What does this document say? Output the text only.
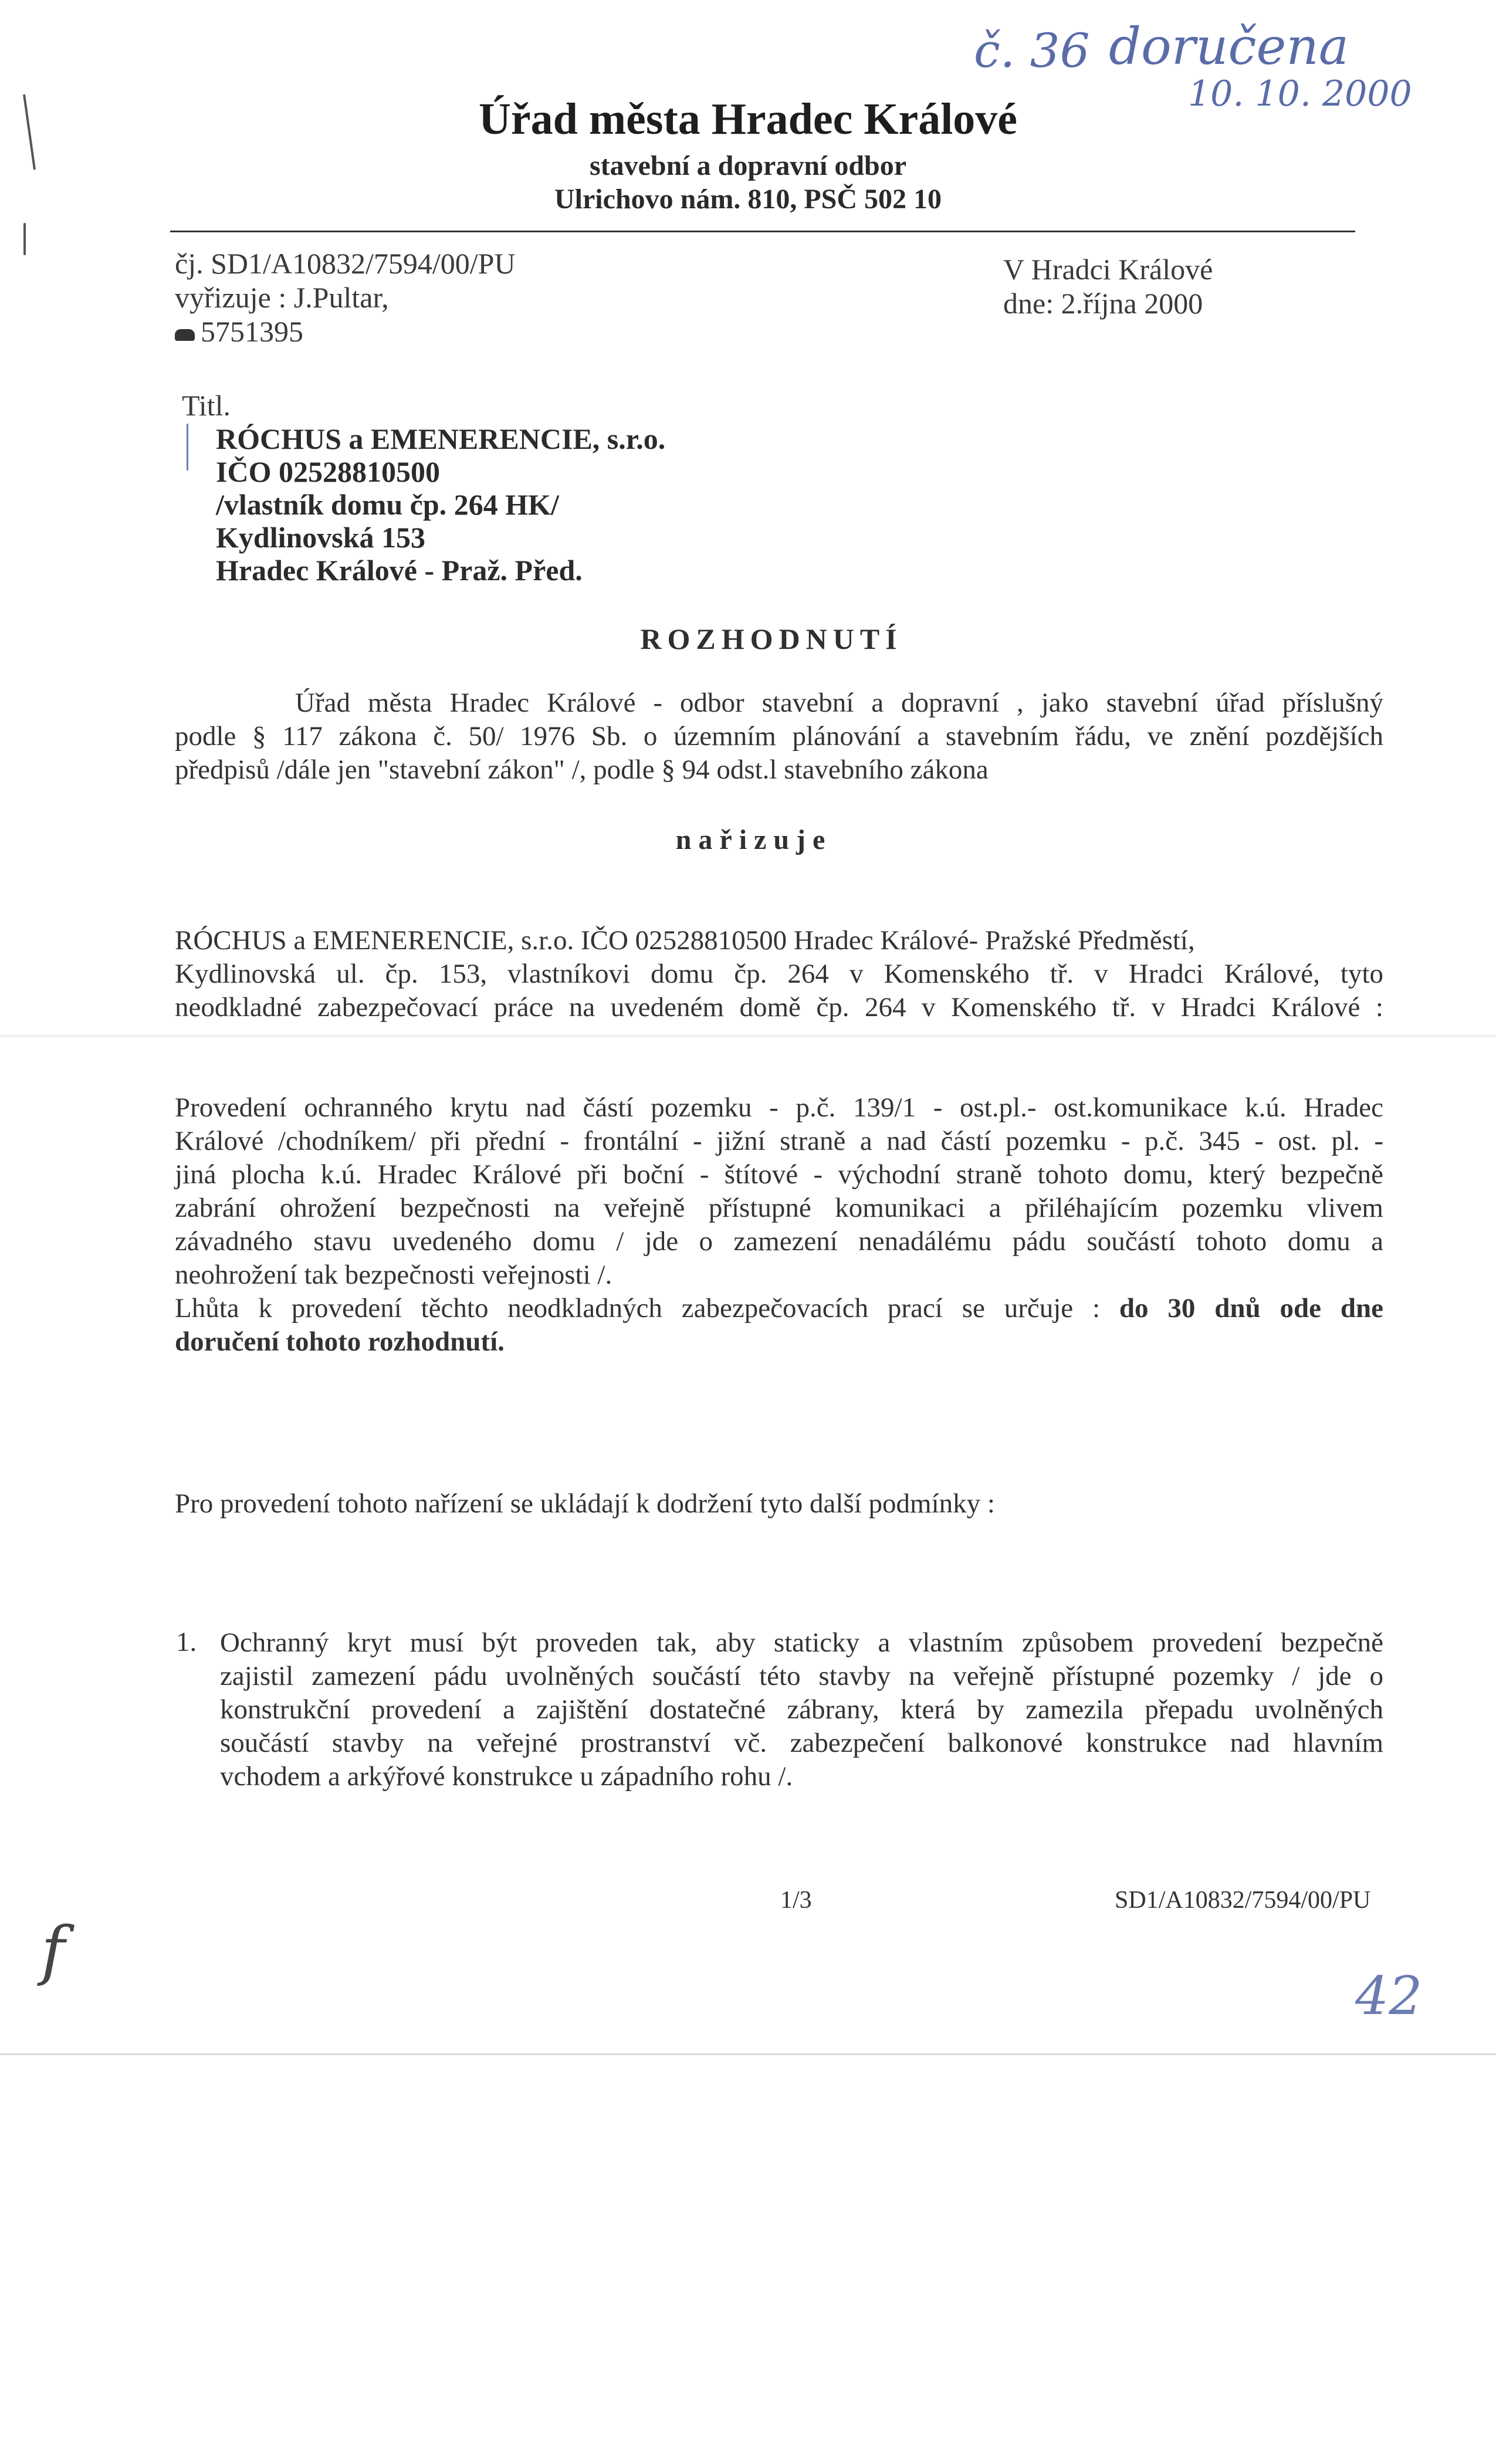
č. 36 doručena
10. 10. 2000
Úřad města Hradec Králové
stavební a dopravní odbor
Ulrichovo nám. 810, PSČ 502 10
čj. SD1/A10832/7594/00/PU
vyřizuje : J.Pultar,
5751395
V Hradci Králové
dne: 2.října 2000
Titl.
RÓCHUS a EMENERENCIE, s.r.o.
IČO 02528810500
/vlastník domu čp. 264 HK/
Kydlinovská 153
Hradec Králové - Praž. Před.
ROZHODNUTÍ
Úřad města Hradec Králové - odbor stavební a dopravní , jako stavební úřad příslušný
podle § 117 zákona č. 50/ 1976 Sb. o územním plánování a stavebním řádu, ve znění pozdějších
předpisů /dále jen "stavební zákon" /, podle § 94 odst.l stavebního zákona
nařizuje
RÓCHUS a EMENERENCIE, s.r.o. IČO 02528810500 Hradec Králové- Pražské Předměstí,
Kydlinovská ul. čp. 153, vlastníkovi domu čp. 264 v Komenského tř. v Hradci Králové, tyto
neodkladné zabezpečovací práce na uvedeném domě čp. 264 v Komenského tř. v Hradci Králové :
Provedení ochranného krytu nad částí pozemku - p.č. 139/1 - ost.pl.- ost.komunikace k.ú. Hradec
Králové /chodníkem/ při přední - frontální - jižní straně a nad částí pozemku - p.č. 345 - ost. pl. -
jiná plocha k.ú. Hradec Králové při boční - štítové - východní straně tohoto domu, který bezpečně
zabrání ohrožení bezpečnosti na veřejně přístupné komunikaci a přiléhajícím pozemku vlivem
závadného stavu uvedeného domu / jde o zamezení nenadálému pádu součástí tohoto domu a
neohrožení tak bezpečnosti veřejnosti /.
Lhůta k provedení těchto neodkladných zabezpečovacích prací se určuje : do 30 dnů ode dne
doručení tohoto rozhodnutí.
Pro provedení tohoto nařízení se ukládají k dodržení tyto další podmínky :
1. Ochranný kryt musí být proveden tak, aby staticky a vlastním způsobem provedení bezpečně
zajistil zamezení pádu uvolněných součástí této stavby na veřejně přístupné pozemky / jde o
konstrukční provedení a zajištění dostatečné zábrany, která by zamezila přepadu uvolněných
součástí stavby na veřejné prostranství vč. zabezpečení balkonové konstrukce nad hlavním
vchodem a arkýřové konstrukce u západního rohu /.
1/3	SD1/A10832/7594/00/PU
f
42
